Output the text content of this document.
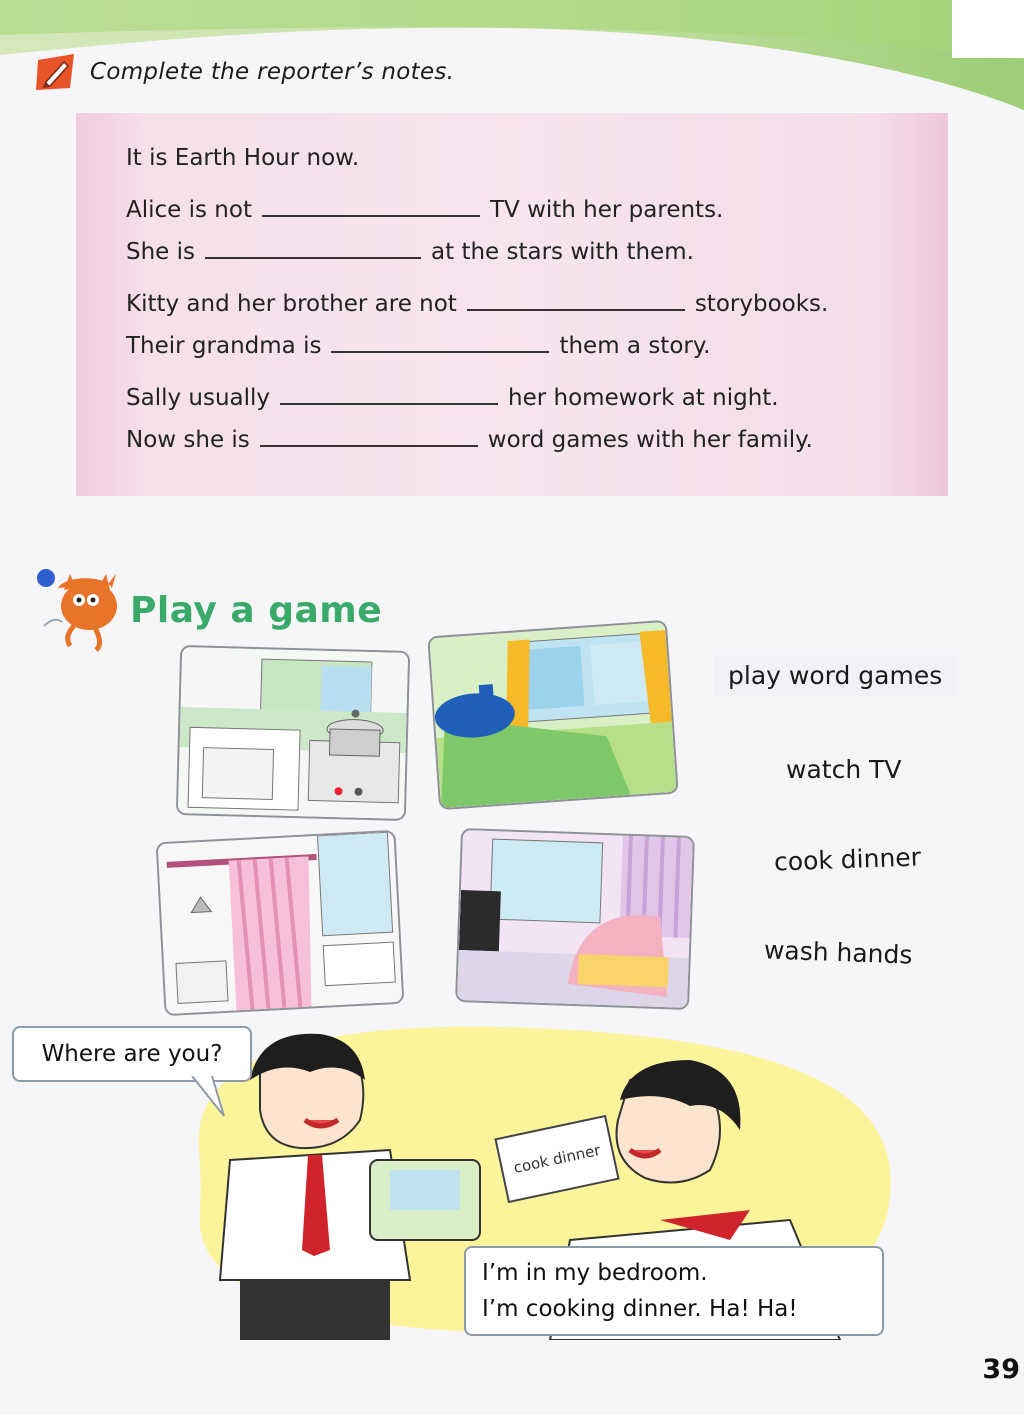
Complete the reporter’s notes.
It is Earth Hour now.
Alice is not	TV with her parents.
She is	at the stars with them.
Kitty and her brother are not	storybooks.
Their grandma is	them a story.
Sally usually	her homework at night.
Now she is	word games with her family.
Play a game
play word games
watch TV
cook dinner
wash hands
cook dinner
Where are you?
I’m in my bedroom.
I’m cooking dinner. Ha! Ha!
39
